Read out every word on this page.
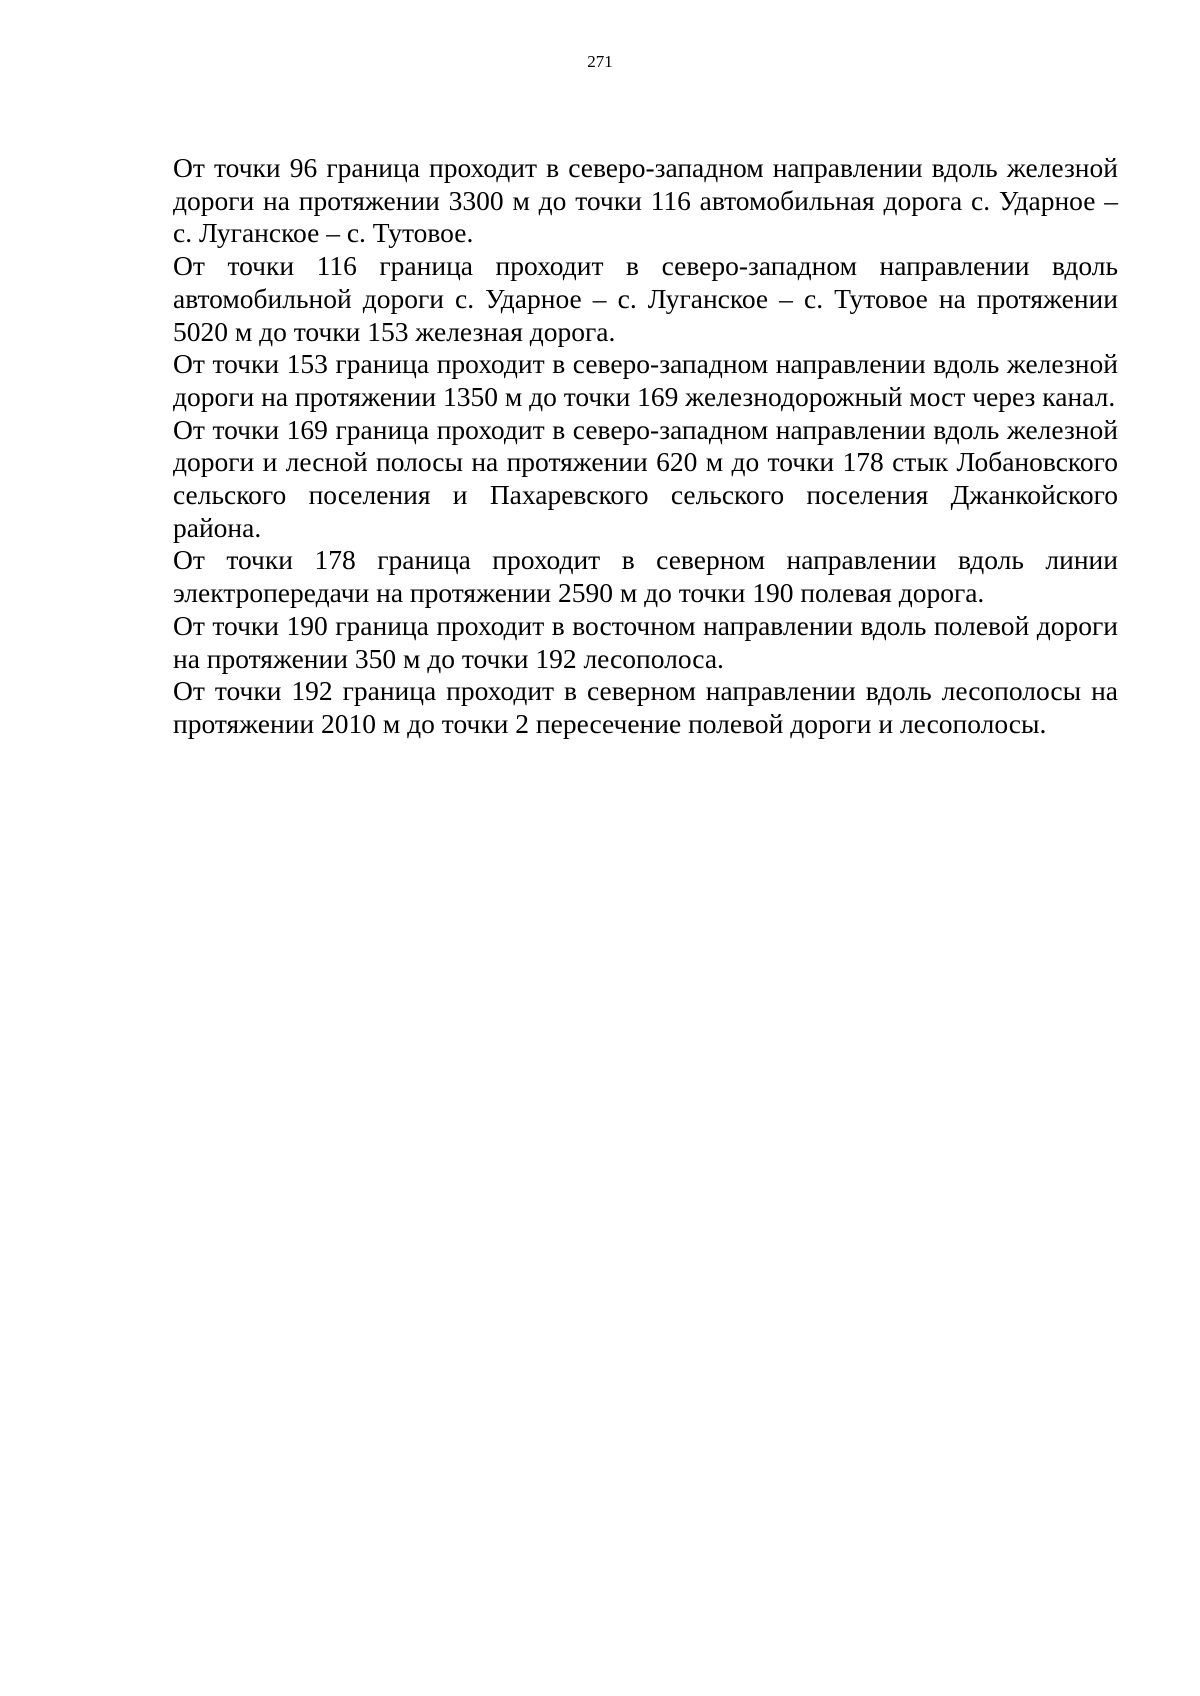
271

От точки 96 граница проходит в северо-западном направлении вдоль железной дороги на протяжении 3300 м до точки 116 автомобильная дорога с. Ударное – с. Луганское – с. Тутовое.

От точки 116 граница проходит в северо-западном направлении вдоль автомобильной дороги с. Ударное – с. Луганское – с. Тутовое на протяжении 5020 м до точки 153 железная дорога.

От точки 153 граница проходит в северо-западном направлении вдоль железной дороги на протяжении 1350 м до точки 169 железнодорожный мост через канал.

От точки 169 граница проходит в северо-западном направлении вдоль железной дороги и лесной полосы на протяжении 620 м до точки 178 стык Лобановского сельского поселения и Пахаревского сельского поселения Джанкойского района.

От точки 178 граница проходит в северном направлении вдоль линии электропередачи на протяжении 2590 м до точки 190 полевая дорога.

От точки 190 граница проходит в восточном направлении вдоль полевой дороги на протяжении 350 м до точки 192 лесополоса.

От точки 192 граница проходит в северном направлении вдоль лесополосы на протяжении 2010 м до точки 2 пересечение полевой дороги и лесополосы.
